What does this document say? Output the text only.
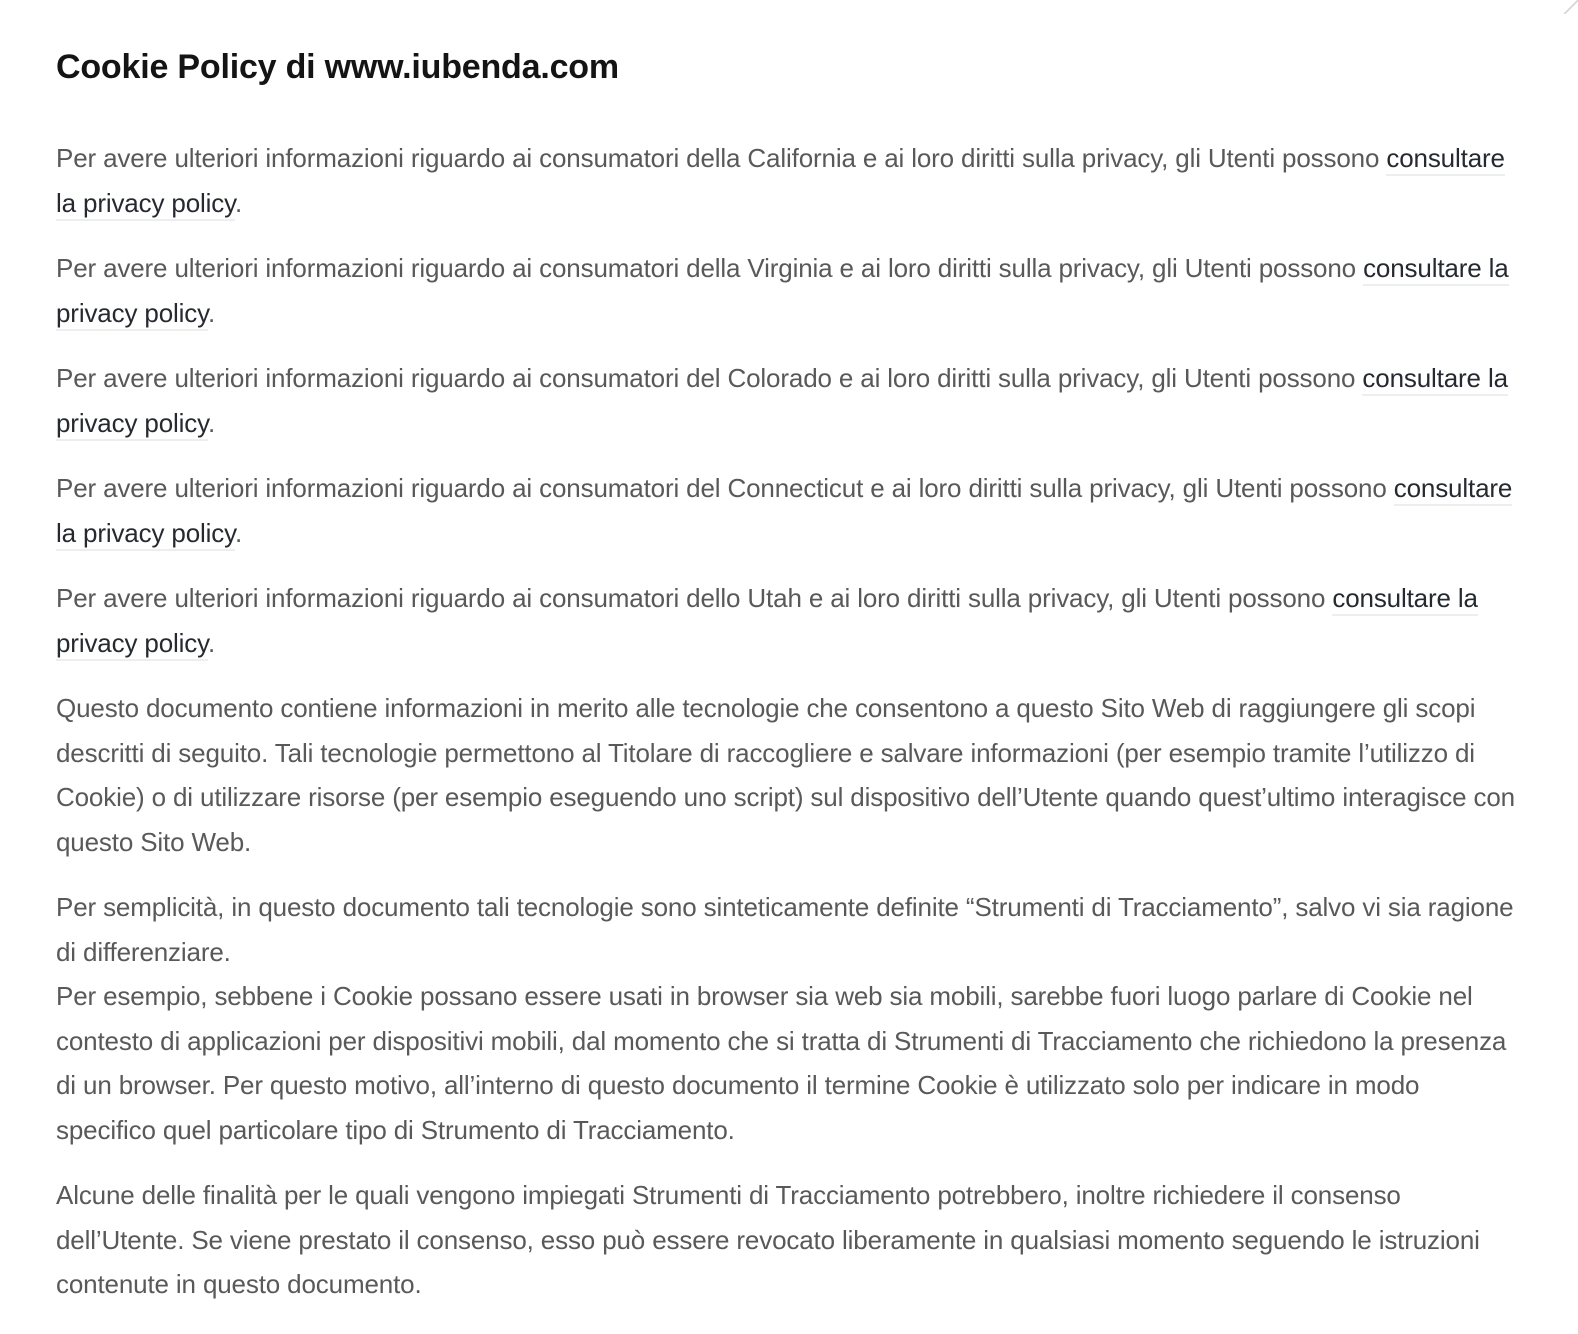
Cookie Policy di www.iubenda.com

Per avere ulteriori informazioni riguardo ai consumatori della California e ai loro diritti sulla privacy, gli Utenti possono consultare la privacy policy.

Per avere ulteriori informazioni riguardo ai consumatori della Virginia e ai loro diritti sulla privacy, gli Utenti possono consultare la privacy policy.

Per avere ulteriori informazioni riguardo ai consumatori del Colorado e ai loro diritti sulla privacy, gli Utenti possono consultare la privacy policy.

Per avere ulteriori informazioni riguardo ai consumatori del Connecticut e ai loro diritti sulla privacy, gli Utenti possono consultare la privacy policy.

Per avere ulteriori informazioni riguardo ai consumatori dello Utah e ai loro diritti sulla privacy, gli Utenti possono consultare la privacy policy.

Questo documento contiene informazioni in merito alle tecnologie che consentono a questo Sito Web di raggiungere gli scopi descritti di seguito. Tali tecnologie permettono al Titolare di raccogliere e salvare informazioni (per esempio tramite l’utilizzo di Cookie) o di utilizzare risorse (per esempio eseguendo uno script) sul dispositivo dell’Utente quando quest’ultimo interagisce con questo Sito Web.

Per semplicità, in questo documento tali tecnologie sono sinteticamente definite “Strumenti di Tracciamento”, salvo vi sia ragione di differenziare.

Per esempio, sebbene i Cookie possano essere usati in browser sia web sia mobili, sarebbe fuori luogo parlare di Cookie nel contesto di applicazioni per dispositivi mobili, dal momento che si tratta di Strumenti di Tracciamento che richiedono la presenza di un browser. Per questo motivo, all’interno di questo documento il termine Cookie è utilizzato solo per indicare in modo specifico quel particolare tipo di Strumento di Tracciamento.

Alcune delle finalità per le quali vengono impiegati Strumenti di Tracciamento potrebbero, inoltre richiedere il consenso dell’Utente. Se viene prestato il consenso, esso può essere revocato liberamente in qualsiasi momento seguendo le istruzioni contenute in questo documento.
